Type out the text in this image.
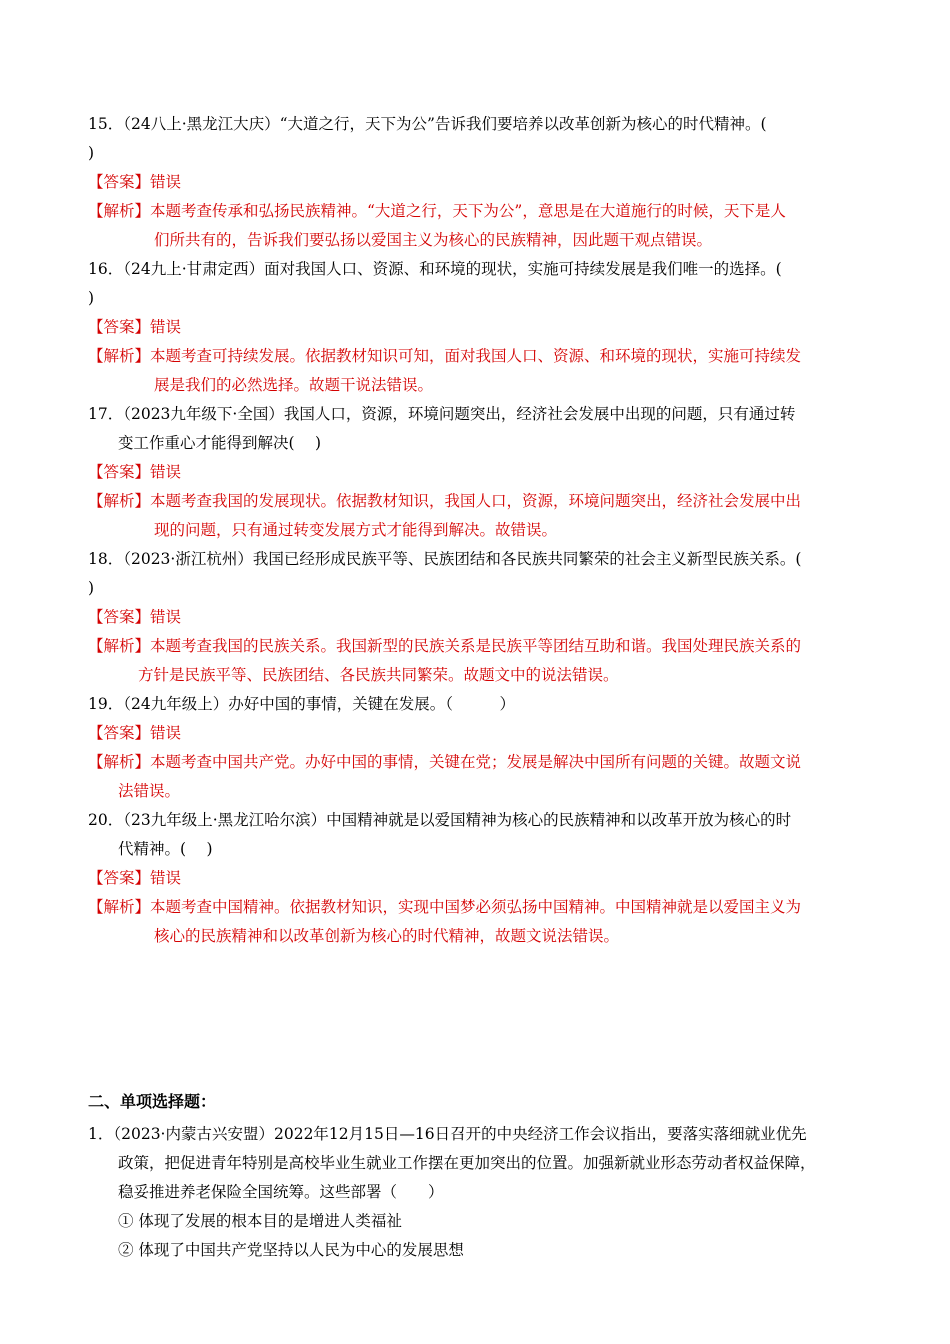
15．（24八上·黑龙江大庆）“大道之行，天下为公”告诉我们要培养以改革创新为核心的时代精神。(
)
【答案】错误
【解析】本题考查传承和弘扬民族精神。“大道之行，天下为公”，意思是在大道施行的时候，天下是人
们所共有的，告诉我们要弘扬以爱国主义为核心的民族精神，因此题干观点错误。
16．（24九上·甘肃定西）面对我国人口、资源、和环境的现状，实施可持续发展是我们唯一的选择。(
)
【答案】错误
【解析】本题考查可持续发展。依据教材知识可知，面对我国人口、资源、和环境的现状，实施可持续发
展是我们的必然选择。故题干说法错误。
17．（2023九年级下·全国）我国人口，资源，环境问题突出，经济社会发展中出现的问题，只有通过转
变工作重心才能得到解决(　 )
【答案】错误
【解析】本题考查我国的发展现状。依据教材知识，我国人口，资源，环境问题突出，经济社会发展中出
现的问题，只有通过转变发展方式才能得到解决。故错误。
18．（2023·浙江杭州）我国已经形成民族平等、民族团结和各民族共同繁荣的社会主义新型民族关系。(
)
【答案】错误
【解析】本题考查我国的民族关系。我国新型的民族关系是民族平等团结互助和谐。我国处理民族关系的
方针是民族平等、民族团结、各民族共同繁荣。故题文中的说法错误。
19．（24九年级上）办好中国的事情，关键在发展。（　　　）
【答案】错误
【解析】本题考查中国共产党。办好中国的事情，关键在党；发展是解决中国所有问题的关键。故题文说
法错误。
20．（23九年级上·黑龙江哈尔滨）中国精神就是以爱国精神为核心的民族精神和以改革开放为核心的时
代精神。(　 )
【答案】错误
【解析】本题考查中国精神。依据教材知识，实现中国梦必须弘扬中国精神。中国精神就是以爱国主义为
核心的民族精神和以改革创新为核心的时代精神，故题文说法错误。
二、单项选择题：
1．（2023·内蒙古兴安盟）2022年12月15日—16日召开的中央经济工作会议指出，要落实落细就业优先
政策，把促进青年特别是高校毕业生就业工作摆在更加突出的位置。加强新就业形态劳动者权益保障，
稳妥推进养老保险全国统筹。这些部署（　　）
① 体现了发展的根本目的是增进人类福祉
② 体现了中国共产党坚持以人民为中心的发展思想
